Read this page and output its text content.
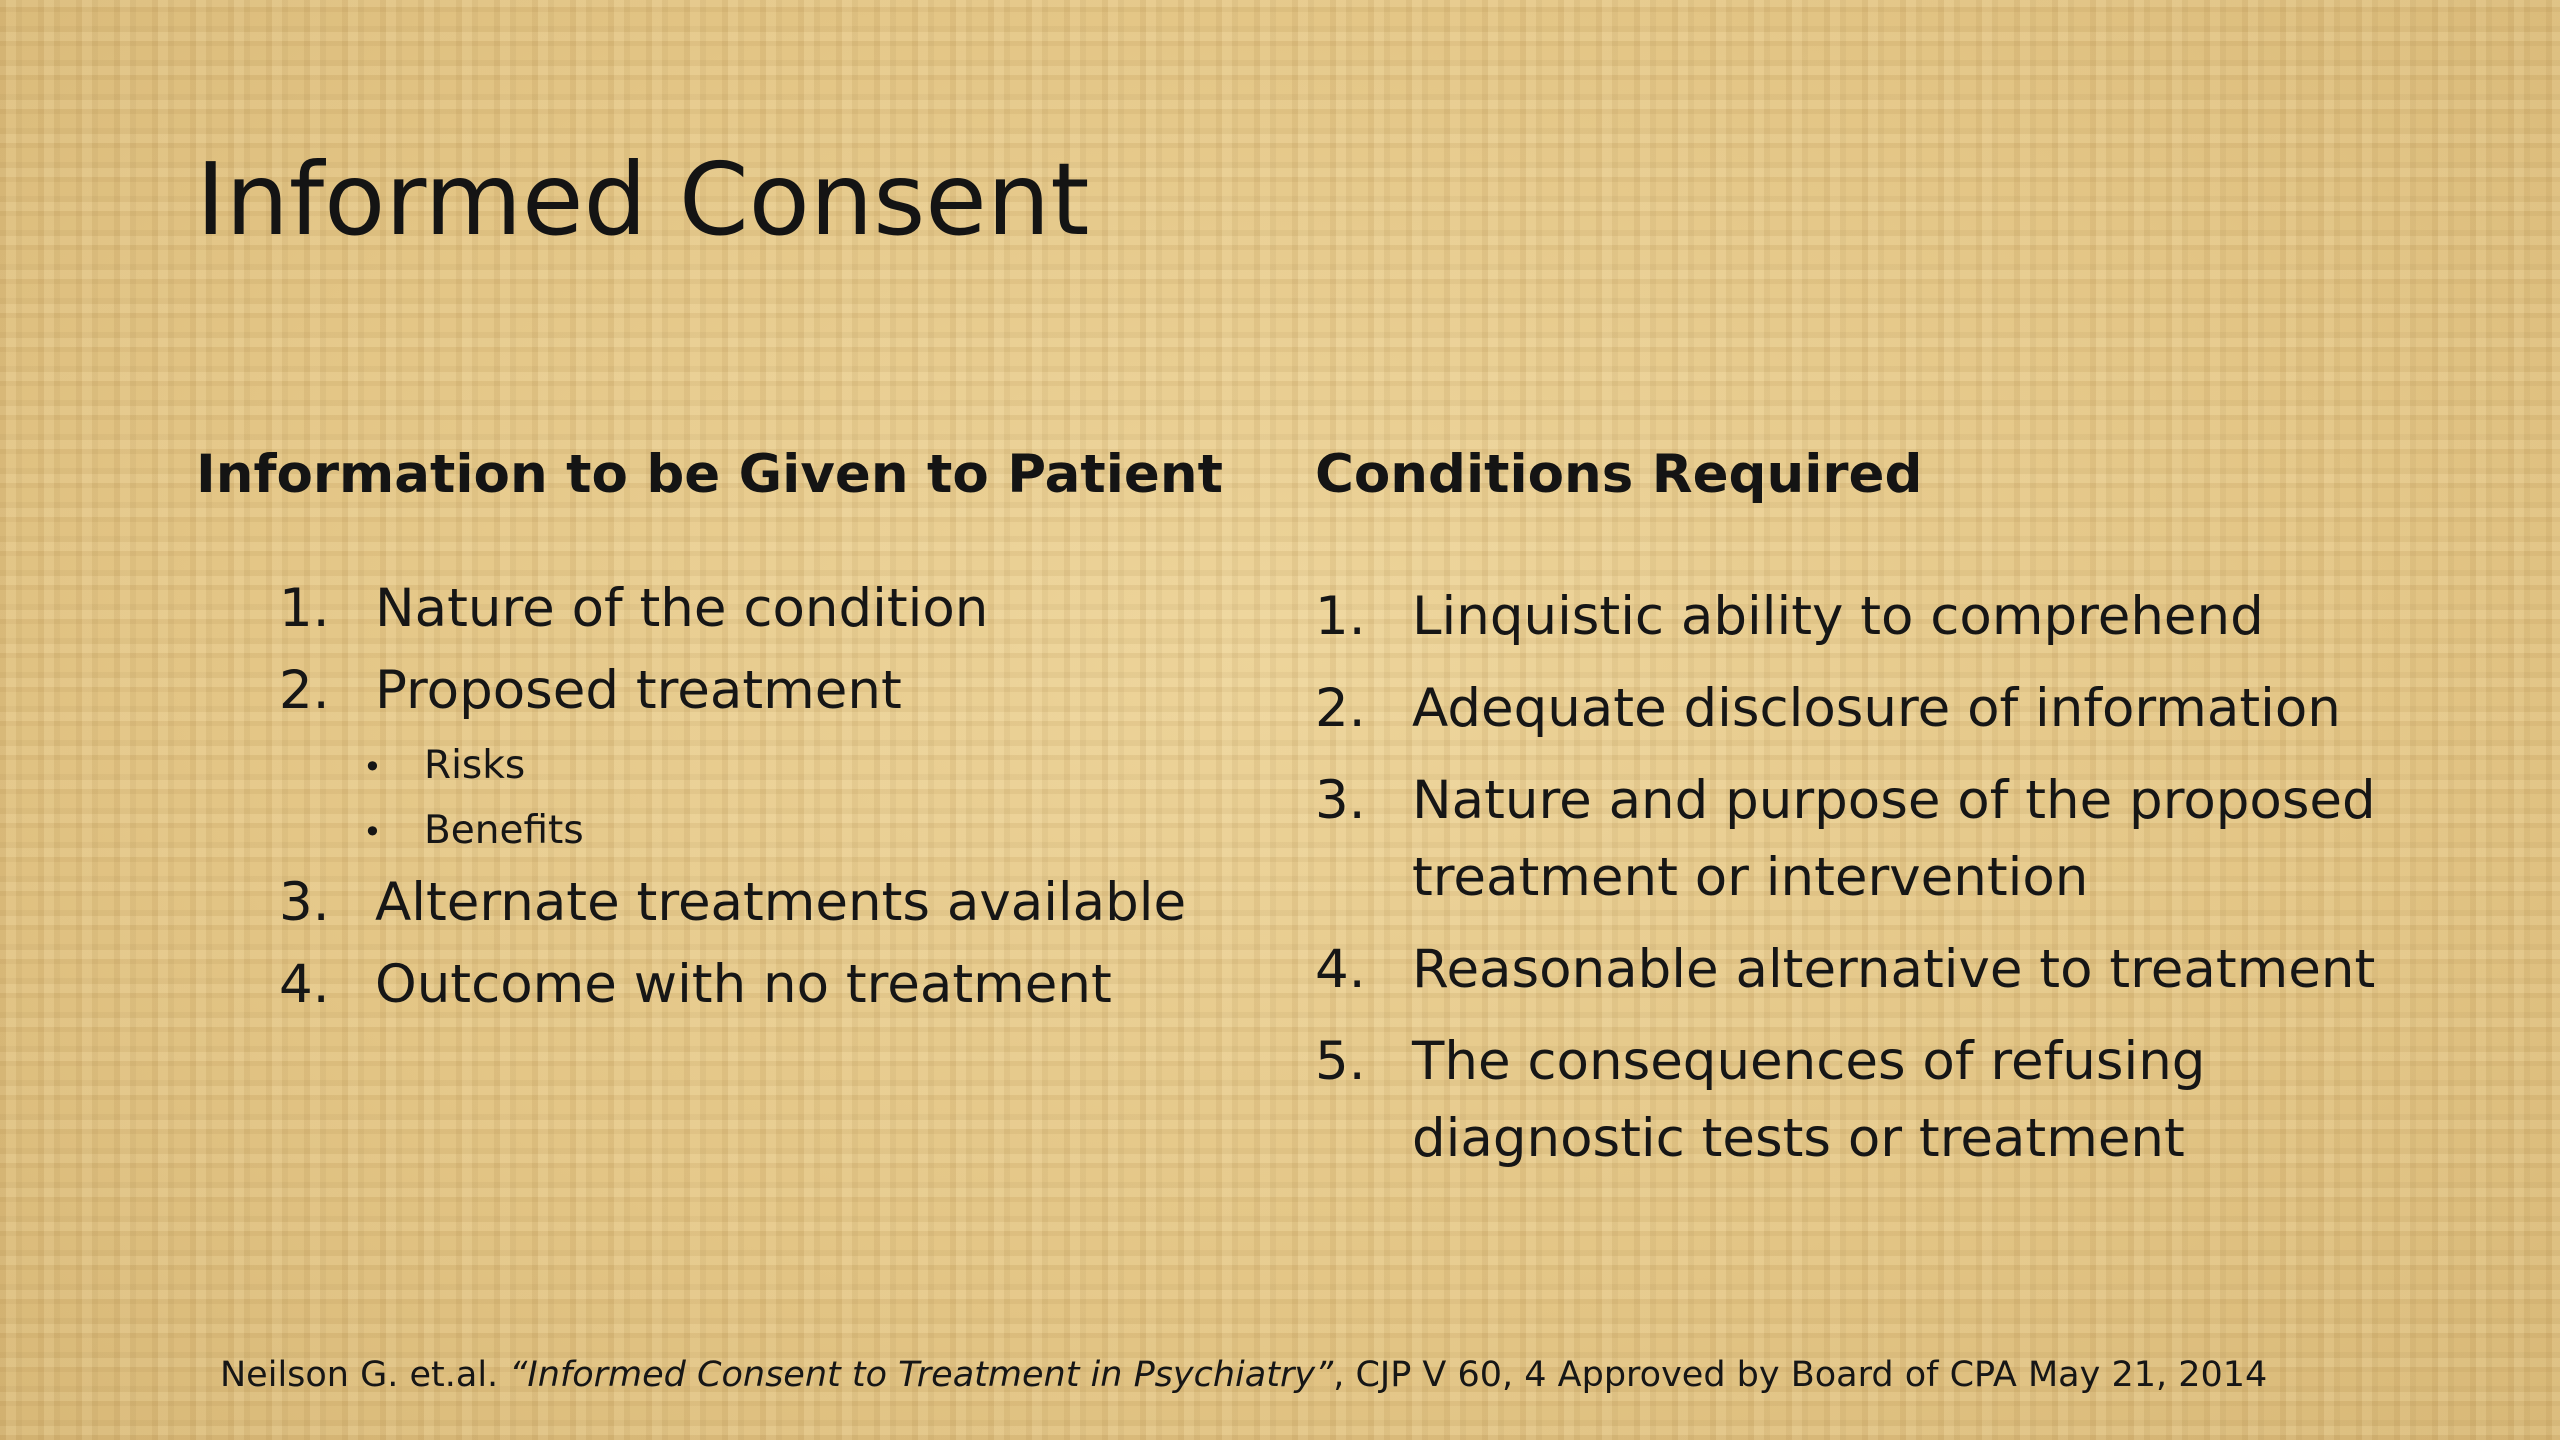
Informed Consent
Information to be Given to Patient Conditions Required
1. Nature of the condition
2. Proposed treatment
•	Risks
•	Benefits
3. Alternate treatments available
4. Outcome with no treatment
1. Linquistic ability to comprehend
2. Adequate disclosure of information
3. Nature and purpose of the proposed treatment or intervention
4. Reasonable alternative to treatment
5. The consequences of refusing diagnostic tests or treatment
Neilson G. et.al. “Informed Consent to Treatment in Psychiatry”, CJP V 60, 4 Approved by Board of CPA May 21, 2014
